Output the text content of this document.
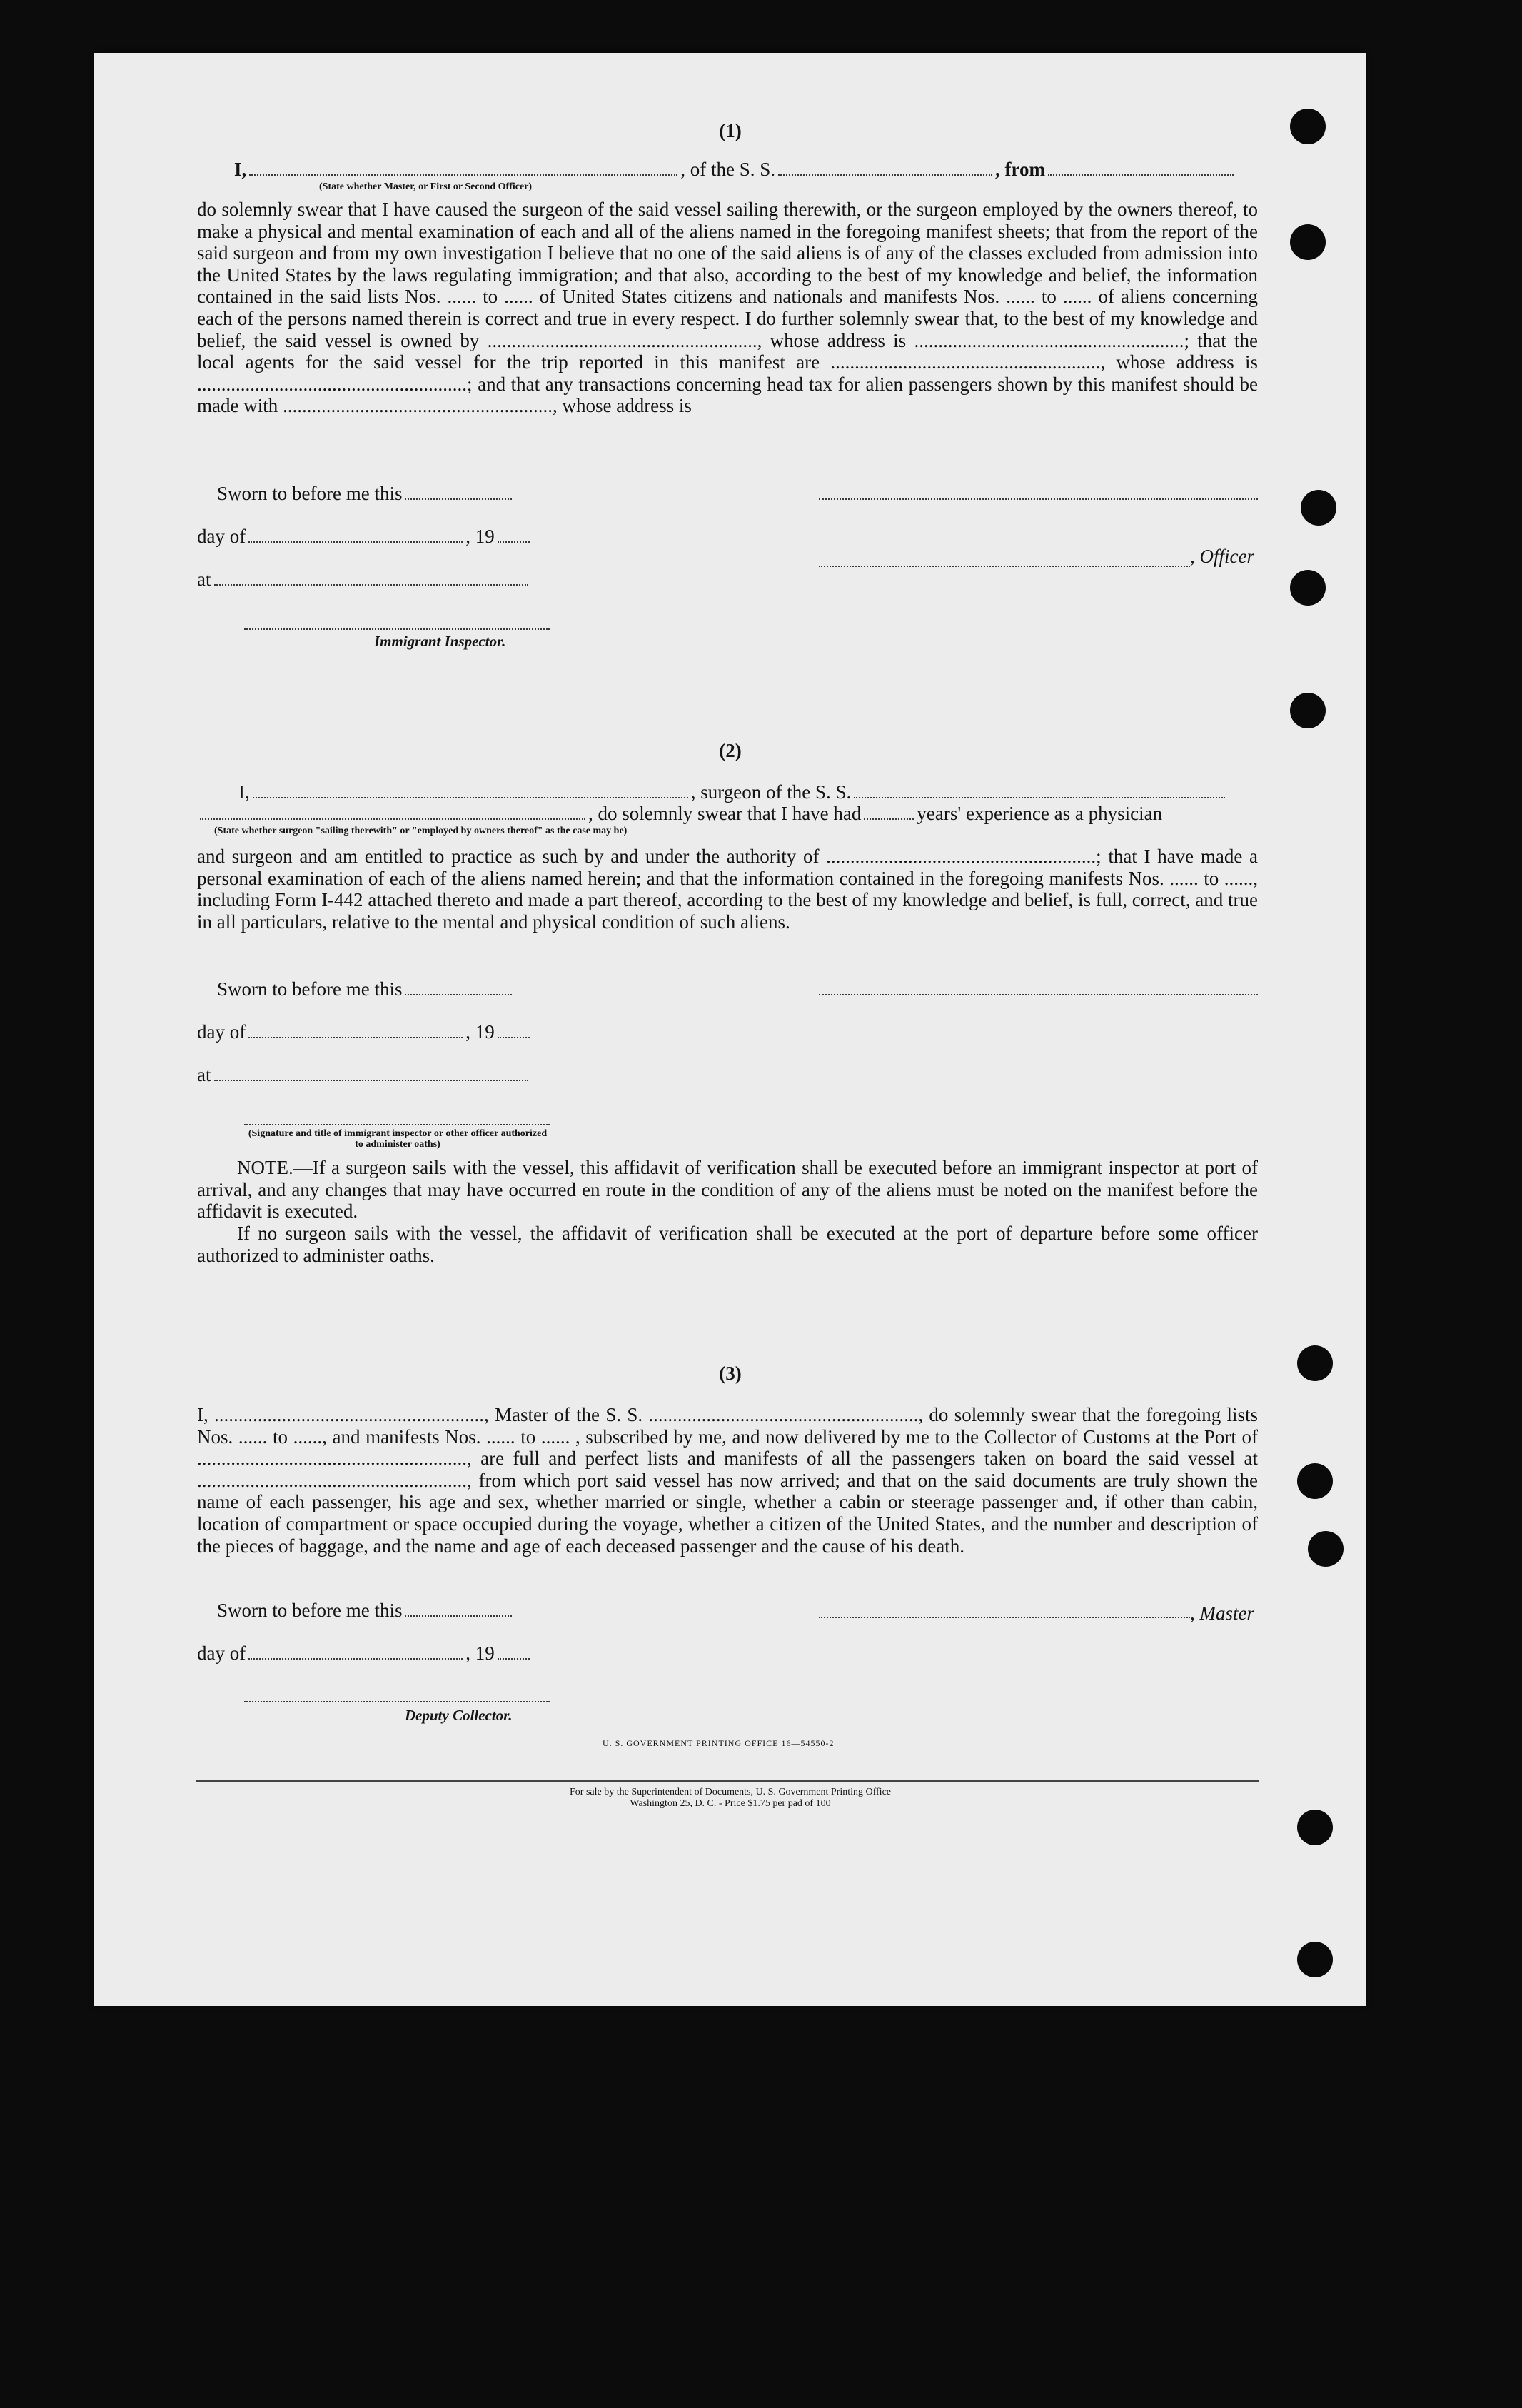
(1)
I,	, of the S. S.	, from
(State whether Master, or First or Second Officer)
do solemnly swear that I have caused the surgeon of the said vessel sailing therewith, or the surgeon employed by the owners thereof, to make a physical and mental examination of each and all of the aliens named in the foregoing manifest sheets; that from the report of the said surgeon and from my own investigation I believe that no one of the said aliens is of any of the classes excluded from admission into the United States by the laws regulating immigration; and that also, according to the best of my knowledge and belief, the information contained in the said lists Nos. ...... to ...... of United States citizens and nationals and manifests Nos. ...... to ...... of aliens concerning each of the persons named therein is correct and true in every respect. I do further solemnly swear that, to the best of my knowledge and belief, the said vessel is owned by ........................................................, whose address is ........................................................; that the local agents for the said vessel for the trip reported in this manifest are ........................................................, whose address is ........................................................; and that any transactions concerning head tax for alien passengers shown by this manifest should be made with ........................................................, whose address is
Sworn to before me this
day of	, 19
, Officer
at
Immigrant Inspector.
(2)
I,	, surgeon of the S. S.
, do solemnly swear that I have had	years' experience as a physician
(State whether surgeon "sailing therewith" or "employed by owners thereof" as the case may be)
and surgeon and am entitled to practice as such by and under the authority of ........................................................; that I have made a personal examination of each of the aliens named herein; and that the information contained in the foregoing manifests Nos. ...... to ......, including Form I-442 attached thereto and made a part thereof, according to the best of my knowledge and belief, is full, correct, and true in all particulars, relative to the mental and physical condition of such aliens.
Sworn to before me this
day of	, 19
at
(Signature and title of immigrant inspector or other officer authorized to administer oaths)
NOTE.—If a surgeon sails with the vessel, this affidavit of verification shall be executed before an immigrant inspector at port of arrival, and any changes that may have occurred en route in the condition of any of the aliens must be noted on the manifest before the affidavit is executed.
If no surgeon sails with the vessel, the affidavit of verification shall be executed at the port of departure before some officer authorized to administer oaths.
(3)
I, ........................................................, Master of the S. S. ........................................................, do solemnly swear that the foregoing lists Nos. ...... to ......, and manifests Nos. ...... to ...... , subscribed by me, and now delivered by me to the Collector of Customs at the Port of ........................................................, are full and perfect lists and manifests of all the passengers taken on board the said vessel at ........................................................, from which port said vessel has now arrived; and that on the said documents are truly shown the name of each passenger, his age and sex, whether married or single, whether a cabin or steerage passenger and, if other than cabin, location of compartment or space occupied during the voyage, whether a citizen of the United States, and the number and description of the pieces of baggage, and the name and age of each deceased passenger and the cause of his death.
Sworn to before me this	, Master
day of	, 19
Deputy Collector.
U. S. GOVERNMENT PRINTING OFFICE 16—54550-2
For sale by the Superintendent of Documents, U. S. Government Printing Office
Washington 25, D. C. - Price $1.75 per pad of 100
